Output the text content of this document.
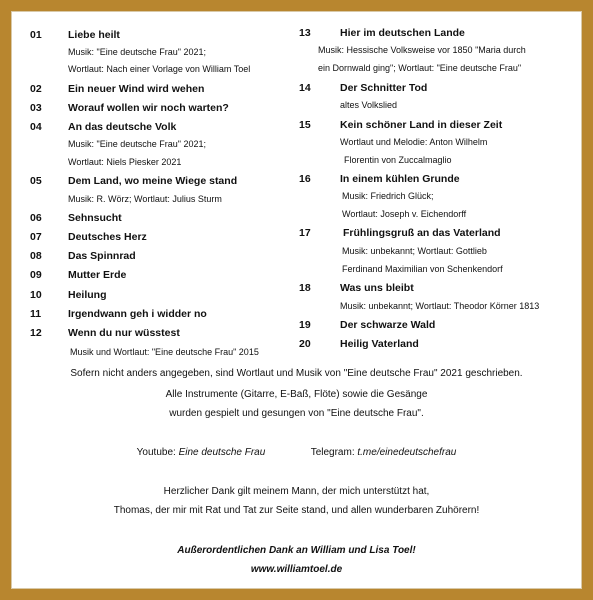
01	Liebe heilt
Musik: "Eine deutsche Frau" 2021;
Wortlaut: Nach einer Vorlage von William Toel
02	Ein neuer Wind wird wehen
03	Worauf wollen wir noch warten?
04	An das deutsche Volk
Musik: "Eine deutsche Frau" 2021;
Wortlaut: Niels Piesker 2021
05	Dem Land, wo meine Wiege stand
Musik: R. Wörz; Wortlaut: Julius Sturm
06	Sehnsucht
07	Deutsches Herz
08	Das Spinnrad
09	Mutter Erde
10	Heilung
11	Irgendwann geh i widder no
12	Wenn du nur wüsstest
Musik und Wortlaut: "Eine deutsche Frau" 2015
13	Hier im deutschen Lande
Musik: Hessische Volksweise vor 1850 "Maria durch
ein Dornwald ging"; Wortlaut: "Eine deutsche Frau"
14	Der Schnitter Tod
altes Volkslied
15	Kein schöner Land in dieser Zeit
Wortlaut und Melodie: Anton Wilhelm
Florentin von Zuccalmaglio
16	In einem kühlen Grunde
Musik: Friedrich Glück;
Wortlaut: Joseph v. Eichendorff
17	Frühlingsgruß an das Vaterland
Musik: unbekannt; Wortlaut: Gottlieb
Ferdinand Maximilian von Schenkendorf
18	Was uns bleibt
Musik: unbekannt; Wortlaut: Theodor Körner 1813
19	Der schwarze Wald
20	Heilig Vaterland
Sofern nicht anders angegeben, sind Wortlaut und Musik von "Eine deutsche Frau" 2021 geschrieben.
Alle Instrumente (Gitarre, E-Baß, Flöte) sowie die Gesänge
wurden gespielt und gesungen von "Eine deutsche Frau".
Youtube: Eine deutsche Frau	Telegram: t.me/einedeutschefrau
Herzlicher Dank gilt meinem Mann, der mich unterstützt hat,
Thomas, der mir mit Rat und Tat zur Seite stand, und allen wunderbaren Zuhörern!
Außerordentlichen Dank an William und Lisa Toel!
www.williamtoel.de
